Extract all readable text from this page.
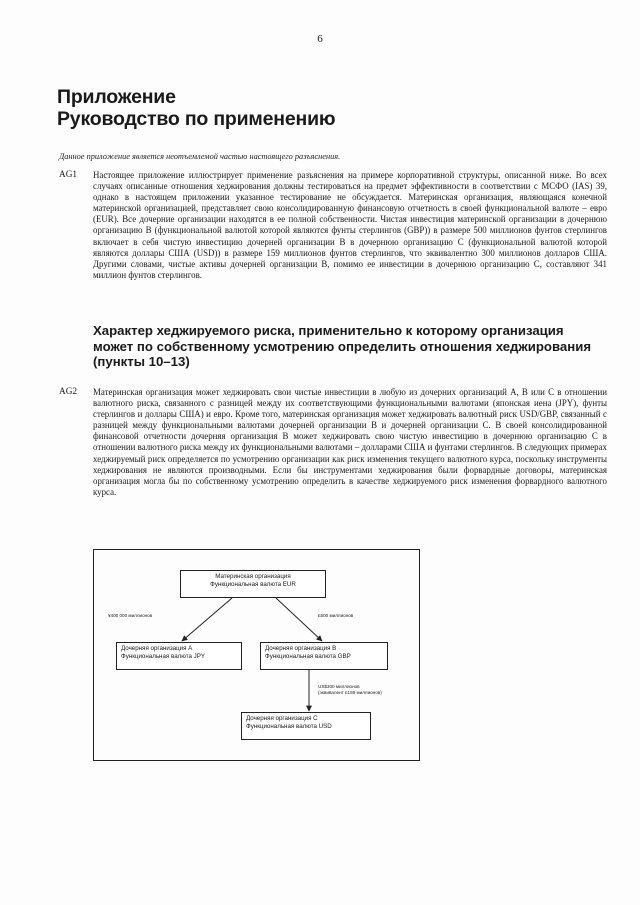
6
Приложение
Руководство по применению
Данное приложение является неотъемлемой частью настоящего разъяснения.
AG1 Настоящее приложение иллюстрирует применение разъяснения на примере корпоративной структуры, описанной ниже. Во всех случаях описанные отношения хеджирования должны тестироваться на предмет эффективности в соответствии с МСФО (IAS) 39, однако в настоящем приложении указанное тестирование не обсуждается. Материнская организация, являющаяся конечной материнской организацией, представляет свою консолидированную финансовую отчетность в своей функциональной валюте – евро (EUR). Все дочерние организации находятся в ее полной собственности. Чистая инвестиция материнской организации в дочернюю организацию В (функциональной валютой которой являются фунты стерлингов (GBP)) в размере 500 миллионов фунтов стерлингов включает в себя чистую инвестицию дочерней организации В в дочернюю организацию С (функциональной валютой которой являются доллары США (USD)) в размере 159 миллионов фунтов стерлингов, что эквивалентно 300 миллионов долларов США. Другими словами, чистые активы дочерней организации В, помимо ее инвестиции в дочернюю организацию С, составляют 341 миллион фунтов стерлингов.
Характер хеджируемого риска, применительно к которому организация может по собственному усмотрению определить отношения хеджирования (пункты 10–13)
AG2 Материнская организация может хеджировать свои чистые инвестиции в любую из дочерних организаций А, В или С в отношении валютного риска, связанного с разницей между их соответствующими функциональными валютами (японская иена (JPY), фунты стерлингов и доллары США) и евро. Кроме того, материнская организация может хеджировать валютный риск USD/GBP, связанный с разницей между функциональными валютами дочерней организации В и дочерней организации С. В своей консолидированной финансовой отчетности дочерняя организация В может хеджировать свою чистую инвестицию в дочернюю организацию С в отношении валютного риска между их функциональными валютами – долларами США и фунтами стерлингов. В следующих примерах хеджируемый риск определяется по усмотрению организации как риск изменения текущего валютного курса, поскольку инструменты хеджирования не являются производными. Если бы инструментами хеджирования были форвардные договоры, материнская организация могла бы по собственному усмотрению определить в качестве хеджируемого риск изменения форвардного валютного курса.
Материнская организация
Функциональная валюта EUR
Дочерняя организация А
Функциональная валюта JPY
Дочерняя организация В
Функциональная валюта GBP
Дочерняя организация С
Функциональная валюта USD
¥400 000 миллионов	£500 миллионов
US$300 миллионов
(эквивалент £159 миллионов)
